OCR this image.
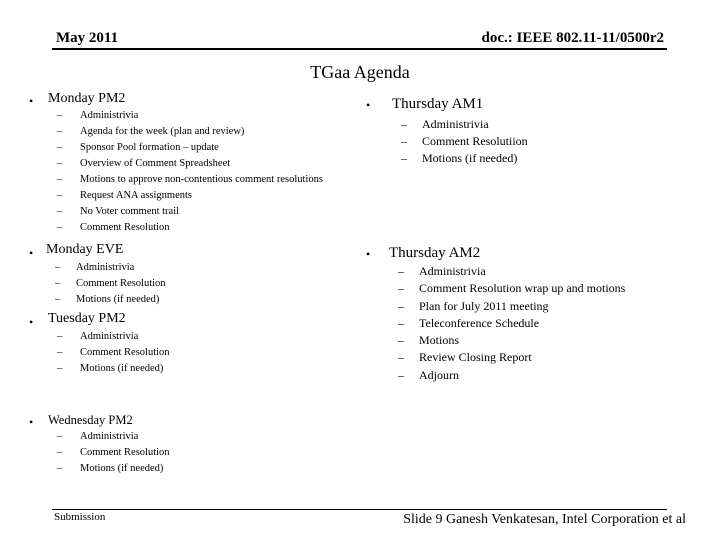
May 2011	doc.: IEEE 802.11-11/0500r2
TGaa Agenda
• Monday PM2
– Administrivia
– Agenda for the week (plan and review)
– Sponsor Pool formation – update
– Overview of Comment Spreadsheet
– Motions to approve non-contentious comment resolutions
– Request ANA assignments
– No Voter comment trail
– Comment Resolution
• Monday EVE
– Administrivia
– Comment Resolution
– Motions (if needed)
• Tuesday PM2
– Administrivia
– Comment Resolution
– Motions (if needed)
• Wednesday PM2
– Administrivia
– Comment Resolution
– Motions (if needed)
• Thursday AM1
– Administrivia
– Comment Resolutiion
– Motions (if needed)
• Thursday AM2
– Administrivia
– Comment Resolution wrap up and motions
– Plan for July 2011 meeting
– Teleconference Schedule
– Motions
– Review Closing Report
– Adjourn
Submission	Slide 9 Ganesh Venkatesan, Intel Corporation et al
